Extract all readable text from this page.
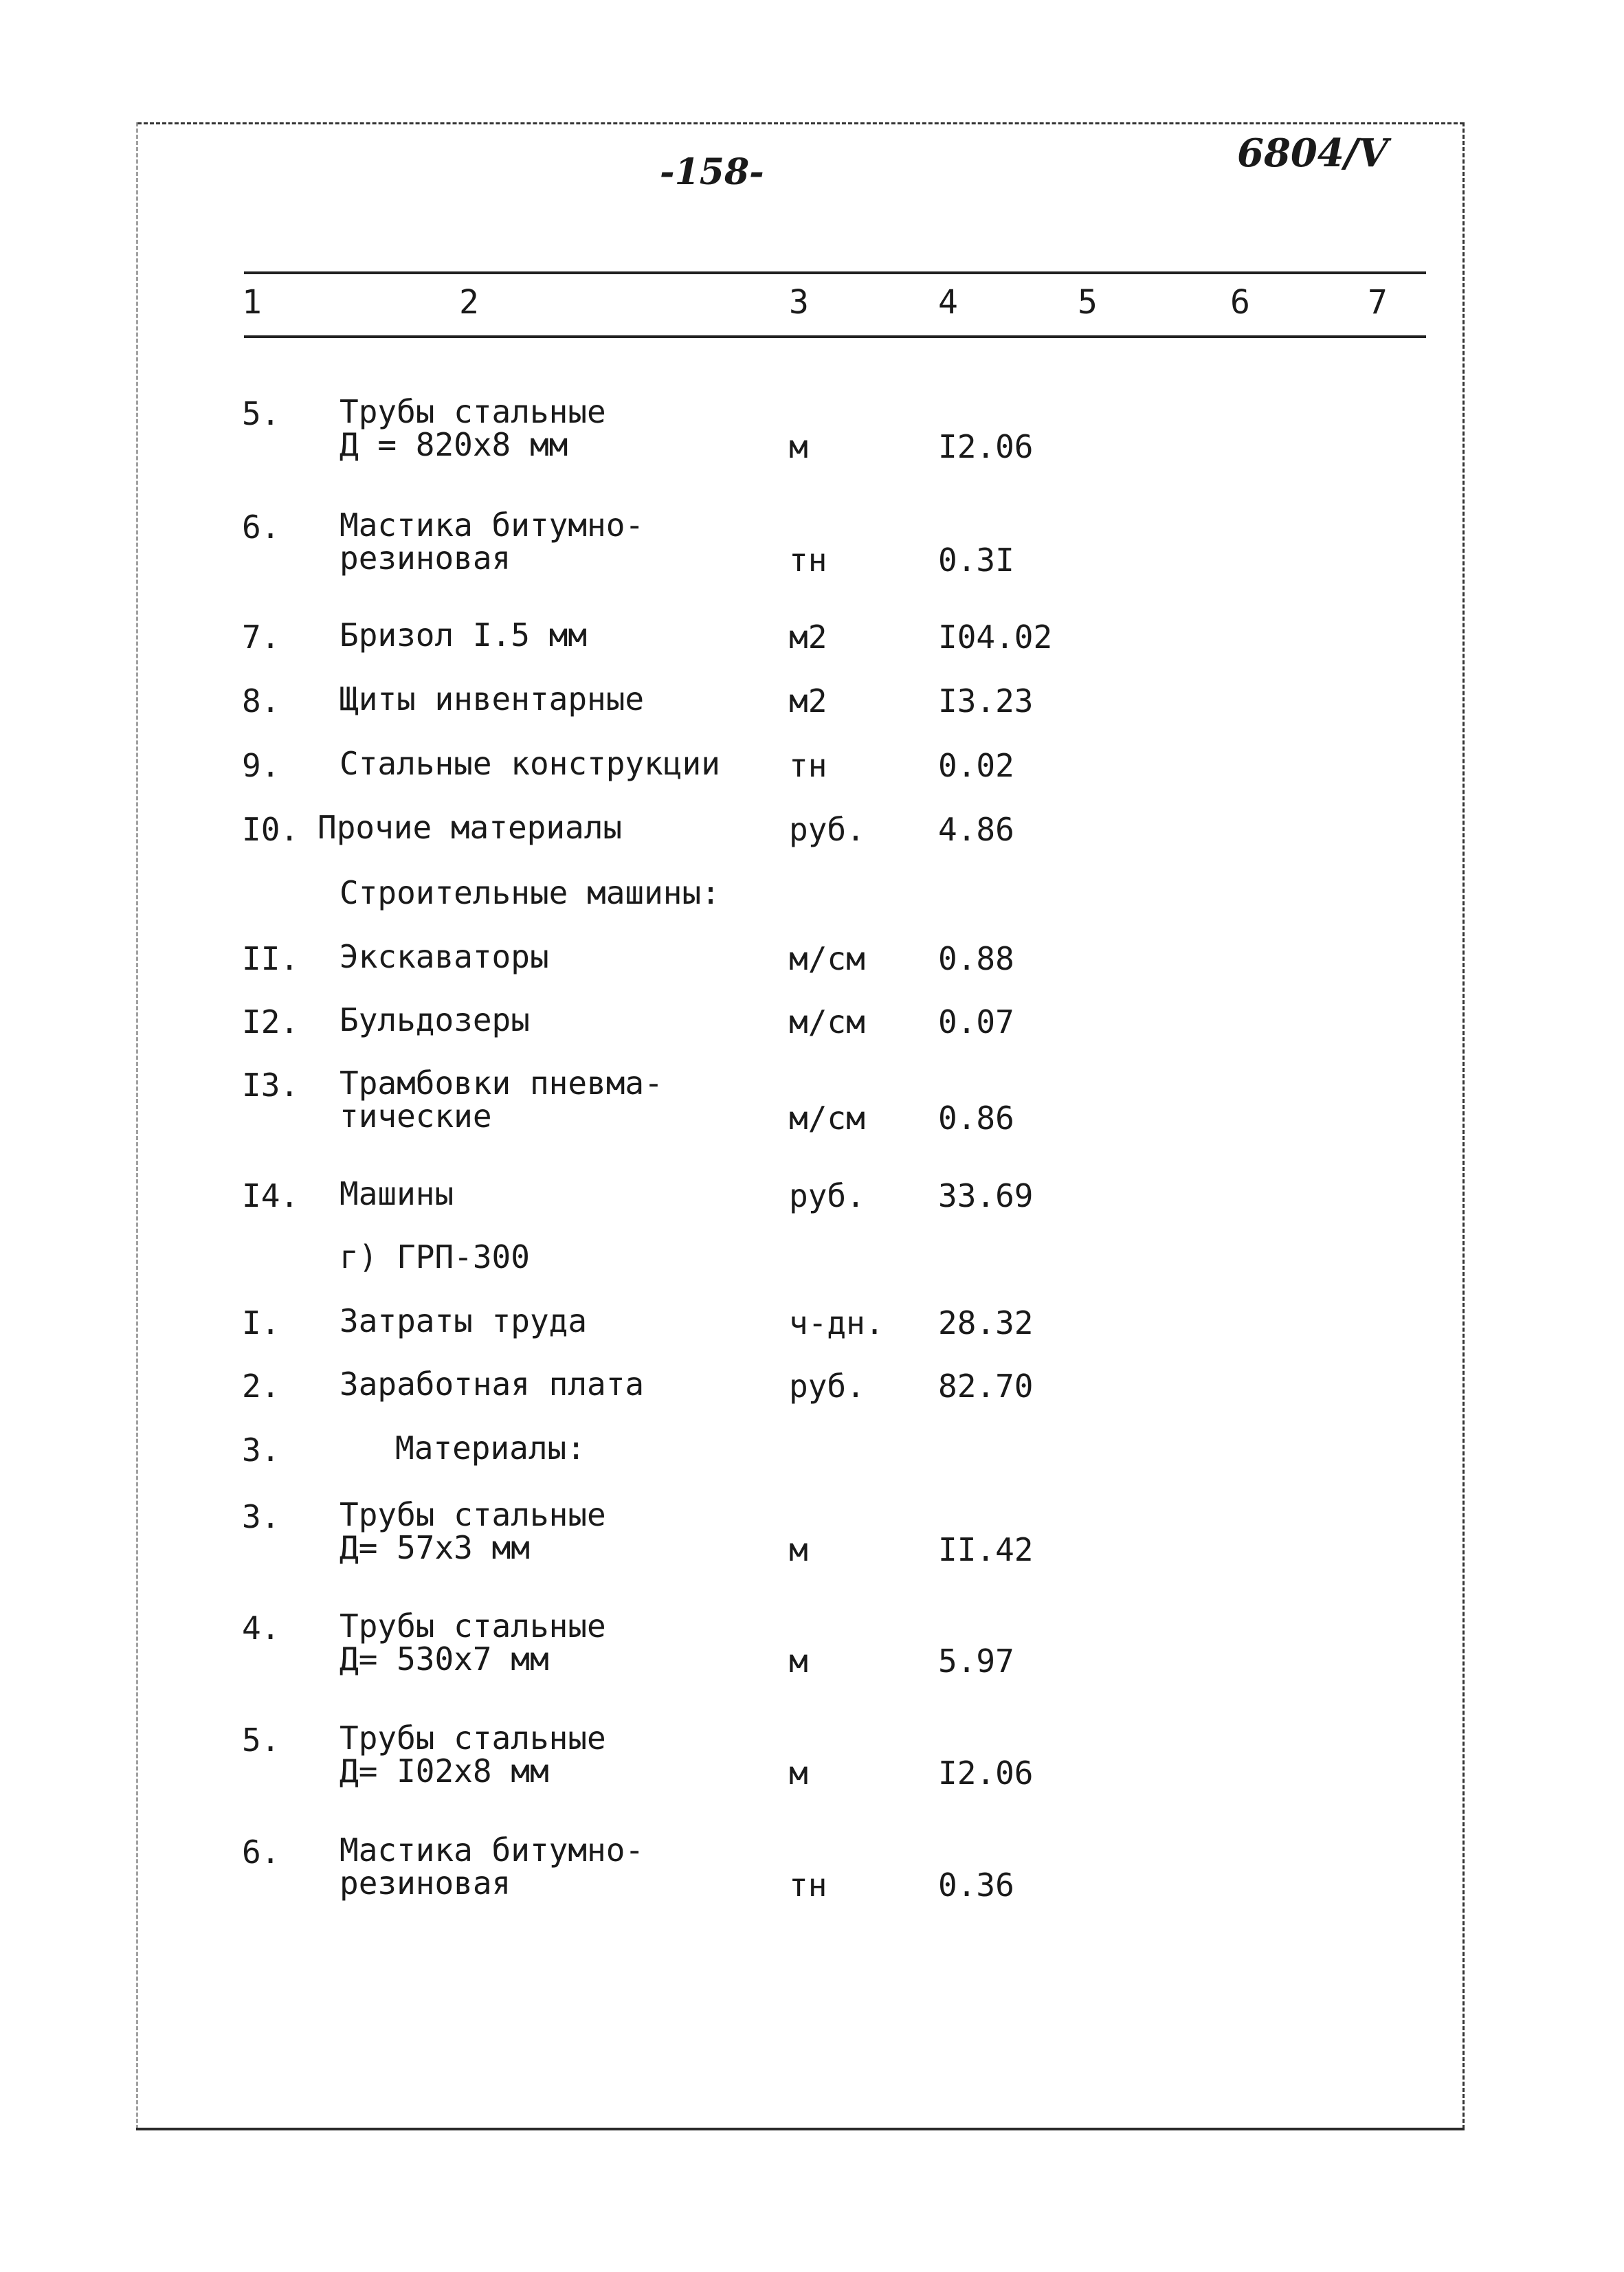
-158-	6804/Ⅴ
1	2	3	4	5	6	7
5. Трубы стальные
Д = 820х8 мм	м	I2.06
6. Мастика битумно-
резиновая	тн	0.3I
7. Бризол I.5 мм	м2	I04.02
8. Щиты инвентарные	м2	I3.23
9. Стальные конструкции тн	0.02
I0. Прочие материалы	руб. 4.86
Строительные машины:
II. Экскаваторы	м/см 0.88
I2. Бульдозеры	м/см 0.07
I3. Трамбовки пневма-
тические	м/см 0.86
I4. Машины	руб. 33.69
г) ГРП-300
I. Затраты труда	ч-дн. 28.32
2. Заработная плата	руб. 82.70
3.	Материалы:
3. Трубы стальные
Д= 57х3 мм	м	II.42
4. Трубы стальные
Д= 530х7 мм	м	5.97
5. Трубы стальные
Д= I02х8 мм	м	I2.06
6. Мастика битумно-
резиновая	тн	0.36
